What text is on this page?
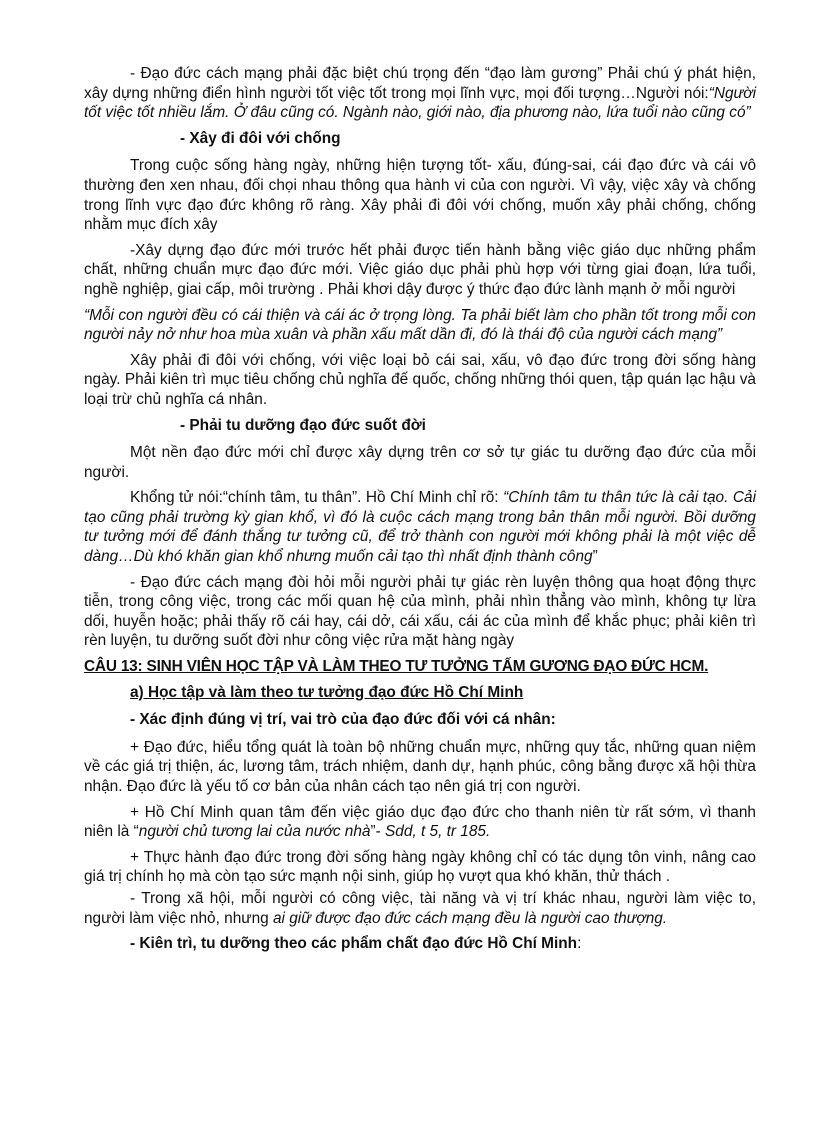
- Đạo đức cách mạng phải đặc biệt chú trọng đến “đạo làm gương” Phải chú ý phát hiện, xây dựng những điển hình người tốt việc tốt trong mọi lĩnh vực, mọi đối tượng…Người nói:“Người tốt việc tốt nhiều lắm. Ở đâu cũng có. Ngành nào, giới nào, địa phương nào, lứa tuổi nào cũng có”

- Xây đi đôi với chống

Trong cuộc sống hàng ngày, những hiện tượng tốt- xấu, đúng-sai, cái đạo đức và cái vô thường đen xen nhau, đối chọi nhau thông qua hành vi của con người. Vì vậy, việc xây và chống trong lĩnh vực đạo đức không rõ ràng. Xây phải đi đôi với chống, muốn xây phải chống, chống nhằm mục đích xây

-Xây dựng đạo đức mới trước hết phải được tiến hành bằng việc giáo dục những phẩm chất, những chuẩn mực đạo đức mới. Việc giáo dục phải phù hợp với từng giai đoạn, lứa tuổi, nghề nghiệp, giai cấp, môi trường . Phải khơi dậy được ý thức đạo đức lành mạnh ở mỗi người

“Mỗi con người đều có cái thiện và cái ác ở trọng lòng. Ta phải biết làm cho phần tốt trong mỗi con người nảy nở như hoa mùa xuân và phần xấu mất dần đi, đó là thái độ của người cách mạng”

Xây phải đi đôi với chống, với việc loại bỏ cái sai, xấu, vô đạo đức trong đời sống hàng ngày. Phải kiên trì mục tiêu chống chủ nghĩa đế quốc, chống những thói quen, tập quán lạc hậu và loại trừ chủ nghĩa cá nhân.

- Phải tu dưỡng đạo đức suốt đời

Một nền đạo đức mới chỉ được xây dựng trên cơ sở tự giác tu dưỡng đạo đức của mỗi người.

Khổng tử nói:“chính tâm, tu thân”. Hồ Chí Minh chỉ rõ: “Chính tâm tu thân tức là cải tạo. Cải tạo cũng phải trường kỳ gian khổ, vì đó là cuộc cách mạng trong bản thân mỗi người. Bồi dưỡng tư tưởng mới để đánh thắng tư tưởng cũ, để trở thành con người mới không phải là một việc dễ dàng…Dù khó khăn gian khổ nhưng muốn cải tạo thì nhất định thành công”

- Đạo đức cách mạng đòi hỏi mỗi người phải tự giác rèn luyện thông qua hoạt động thực tiễn, trong công việc, trong các mối quan hệ của mình, phải nhìn thẳng vào mình, không tự lừa dối, huyễn hoặc; phải thấy rõ cái hay, cái dở, cái xấu, cái ác của mình để khắc phục; phải kiên trì rèn luyện, tu dưỡng suốt đời như công việc rửa mặt hàng ngày

CÂU 13: SINH VIÊN HỌC TẬP VÀ LÀM THEO TƯ TƯỞNG TẤM GƯƠNG ĐẠO ĐỨC HCM.
a) Học tập và làm theo tư tưởng đạo đức Hồ Chí Minh
- Xác định đúng vị trí, vai trò của đạo đức đối với cá nhân:

+ Đạo đức, hiểu tổng quát là toàn bộ những chuẩn mực, những quy tắc, những quan niệm về các giá trị thiện, ác, lương tâm, trách nhiệm, danh dự, hạnh phúc, công bằng được xã hội thừa nhận. Đạo đức là yếu tố cơ bản của nhân cách tạo nên giá trị con người.

+ Hồ Chí Minh quan tâm đến việc giáo dục đạo đức cho thanh niên từ rất sớm, vì thanh niên là “người chủ tương lai của nước nhà”- Sdd, t 5, tr 185.

+ Thực hành đạo đức trong đời sống hàng ngày không chỉ có tác dụng tôn vinh, nâng cao giá trị chính họ mà còn tạo sức mạnh nội sinh, giúp họ vượt qua khó khăn, thử thách .

- Trong xã hội, mỗi người có công việc, tài năng và vị trí khác nhau, người làm việc to, người làm việc nhỏ, nhưng ai giữ được đạo đức cách mạng đều là người cao thượng.

- Kiên trì, tu dưỡng theo các phẩm chất đạo đức Hồ Chí Minh:
